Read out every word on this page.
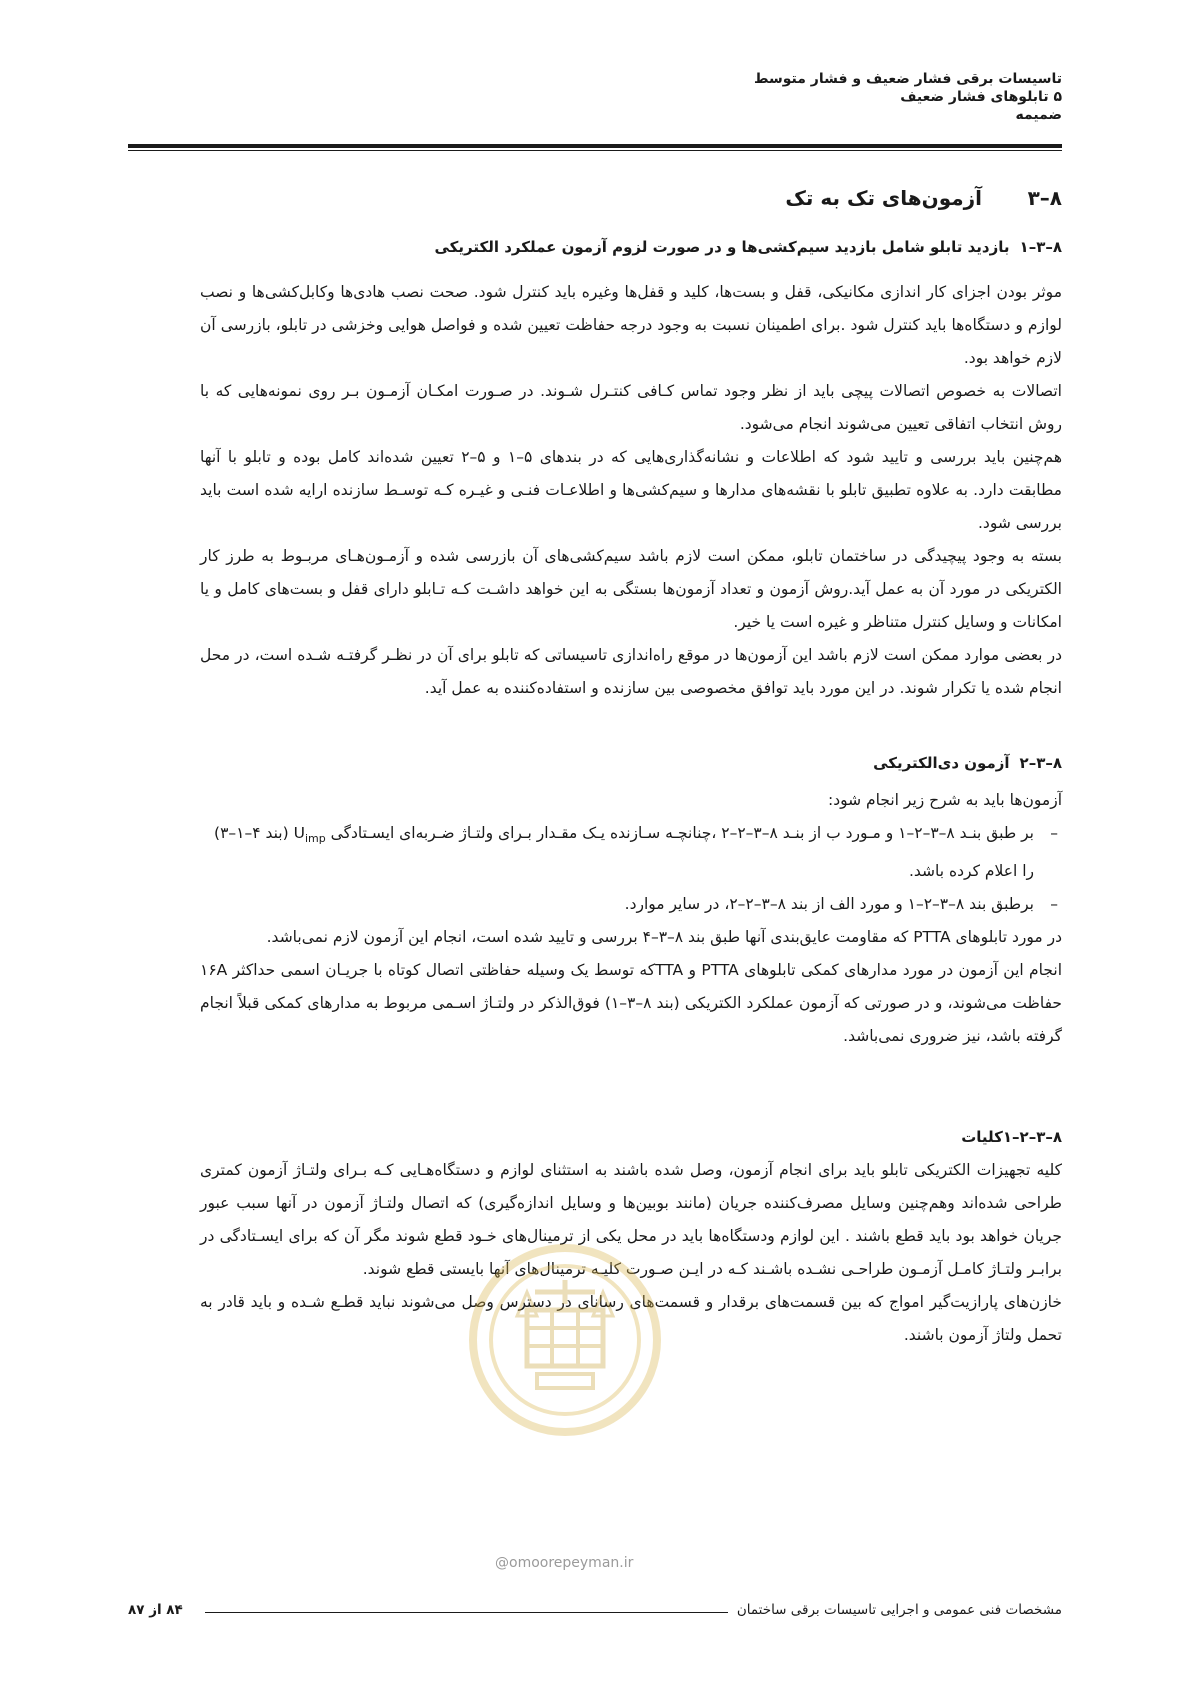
تاسیسات برقی فشار ضعیف و فشار متوسط
۵ تابلوهای فشار ضعیف
ضمیمه
۸–۳آزمون‌های تک به تک
۸–۳–۱بازدید تابلو شامل بازدید سیم‌کشی‌ها و در صورت لزوم آزمون عملکرد الکتریکی

موثر بودن اجزای کار اندازی مکانیکی، قفل و بست‌ها، کلید و قفل‌ها وغیره باید کنترل شود. صحت نصب هادی‌ها وکابل‌کشی‌ها و نصب لوازم و دستگاه‌ها باید کنترل شود .برای اطمینان نسبت به وجود درجه حفاظت تعیین شده و فواصل هوایی وخزشی در تابلو، بازرسی آن لازم خواهد بود.

اتصالات به خصوص اتصالات پیچی باید از نظر وجود تماس کـافی کنتـرل شـوند. در صـورت امکـان آزمـون بـر روی نمونه‌هایی که با روش انتخاب اتفاقی تعیین می‌شوند انجام می‌شود.

هم‌چنین باید بررسی و تایید شود که اطلاعات و نشانه‌گذاری‌هایی که در بندهای ۵–۱ و ۵–۲ تعیین شده‌اند کامل بوده و تابلو با آنها مطابقت دارد. به علاوه تطبیق تابلو با نقشه‌های مدارها و سیم‌کشی‌ها و اطلاعـات فنـی و غیـره کـه توسـط سازنده ارایه شده است باید بررسی شود.

بسته به وجود پیچیدگی در ساختمان تابلو، ممکن است لازم باشد سیم‌کشی‌های آن بازرسی شده و آزمـون‌هـای مربـوط به طرز کار الکتریکی در مورد آن به عمل آید.روش آزمون و تعداد آزمون‌ها بستگی به این خواهد داشـت کـه تـابلو دارای قفل و بست‌های کامل و یا امکانات و وسایل کنترل متناظر و غیره است یا خیر.

در بعضی موارد ممکن است لازم باشد این آزمون‌ها در موقع راه‌اندازی تاسیساتی که تابلو برای آن در نظـر گرفتـه شـده است، در محل انجام شده یا تکرار شوند. در این مورد باید توافق مخصوصی بین سازنده و استفاده‌کننده به عمل آید.

۸–۳–۲آزمون دی‌الکتریکی
آزمون‌ها باید به شرح زیر انجام شود:
–
بر طبق بنـد ۸–۳–۲–۱ و مـورد ب از بنـد ۸–۳–۲–۲ ،چنانچـه سـازنده یـک مقـدار بـرای ولتـاژ ضـربه‌ای ایسـتادگی $U_{imp}$ (بند ۴–۱–۳) را اعلام کرده باشد.
–
برطبق بند ۸–۳–۲–۱ و مورد الف از بند ۸–۳–۲–۲، در سایر موارد.
در مورد تابلوهای PTTA که مقاومت عایق‌بندی آنها طبق بند ۸–۳–۴ بررسی و تایید شده است، انجام این آزمون لازم نمی‌باشد.
انجام این آزمون در مورد مدارهای کمکی تابلوهای PTTA و TTAکه توسط یک وسیله حفاظتی اتصال کوتاه با جریـان اسمی حداکثر ۱۶A حفاظت می‌شوند، و در صورتی که آزمون عملکرد الکتریکی (بند ۸–۳–۱) فوق‌الذکر در ولتـاژ اسـمی مربوط به مدارهای کمکی قبلاً انجام گرفته باشد، نیز ضروری نمی‌باشد.
۸–۳–۲–۱کلیات

کلیه تجهیزات الکتریکی تابلو باید برای انجام آزمون، وصل شده باشند به استثنای لوازم و دستگاه‌هـایی کـه بـرای ولتـاژ آزمون کمتری طراحی شده‌اند وهم‌چنین وسایل مصرف‌کننده جریان (مانند بوبین‌ها و وسایل اندازه‌گیری) که اتصال ولتـاژ آزمون در آنها سبب عبور جریان خواهد بود باید قطع باشند . این لوازم ودستگاه‌ها باید در محل یکی از ترمینال‌های خـود قطع شوند مگر آن که برای ایسـتادگی در برابـر ولتـاژ کامـل آزمـون طراحـی نشـده باشـند کـه در ایـن صـورت کلیـه ترمینال‌های آنها بایستی قطع شوند.

خازن‌های پارازیت‌گیر امواج که بین قسمت‌های برقدار و قسمت‌های رسانای در دسترس وصل می‌شوند نباید قطـع شـده و باید قادر به تحمل ولتاژ آزمون باشند.

@omoorepeyman.ir
مشخصات فنی عمومی و اجرایی تاسیسات برقی ساختمان
۸۴ از ۸۷
